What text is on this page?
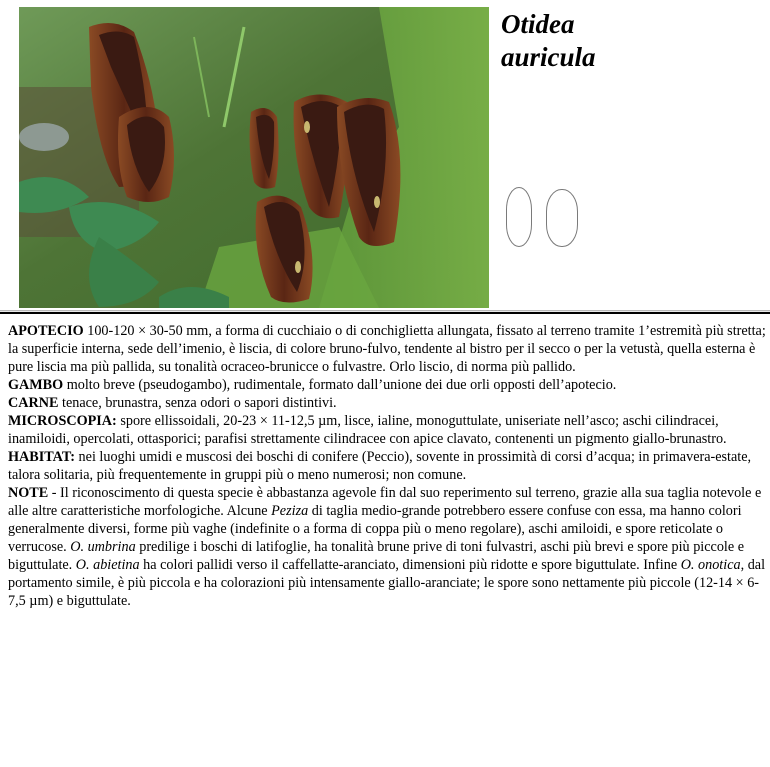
Otidea
auricula

APOTECIO 100-120 × 30-50 mm, a forma di cucchiaio o di conchiglietta allungata, fissato al terreno tramite 1’estremità più stretta; la superficie interna, sede dell’imenio, è liscia, di colore bruno-fulvo, tendente al bistro per il secco o per la vetustà, quella esterna è pure liscia ma più pallida, su tonalità ocraceo-brunicce o fulvastre. Orlo liscio, di norma più pallido.

GAMBO molto breve (pseudogambo), rudimentale, formato dall’unione dei due orli opposti dell’apotecio.

CARNE tenace, brunastra, senza odori o sapori distintivi.

MICROSCOPIA: spore ellissoidali, 20-23 × 11-12,5 µm, lisce, ialine, monoguttulate, uniseriate nell’asco; aschi cilindracei, inamiloidi, opercolati, ottasporici; parafisi strettamente cilindracee con apice clavato, contenenti un pigmento giallo-brunastro.

HABITAT: nei luoghi umidi e muscosi dei boschi di conifere (Peccio), sovente in prossimità di corsi d’acqua; in primavera-estate, talora solitaria, più frequentemente in gruppi più o meno numerosi; non comune.

NOTE - Il riconoscimento di questa specie è abbastanza agevole fin dal suo reperimento sul terreno, grazie alla sua taglia notevole e alle altre caratteristiche morfologiche. Alcune Peziza di taglia medio-grande potrebbero essere confuse con essa, ma hanno colori generalmente diversi, forme più vaghe (indefinite o a forma di coppa più o meno regolare), aschi amiloidi, e spore reticolate o verrucose. O. umbrina predilige i boschi di latifoglie, ha tonalità brune prive di toni fulvastri, aschi più brevi e spore più piccole e biguttulate. O. abietina ha colori pallidi verso il caffellatte-aranciato, dimensioni più ridotte e spore biguttulate. Infine O. onotica, dal portamento simile, è più piccola e ha colorazioni più intensamente giallo-aranciate; le spore sono nettamente più piccole (12-14 × 6-7,5 µm) e biguttulate.
